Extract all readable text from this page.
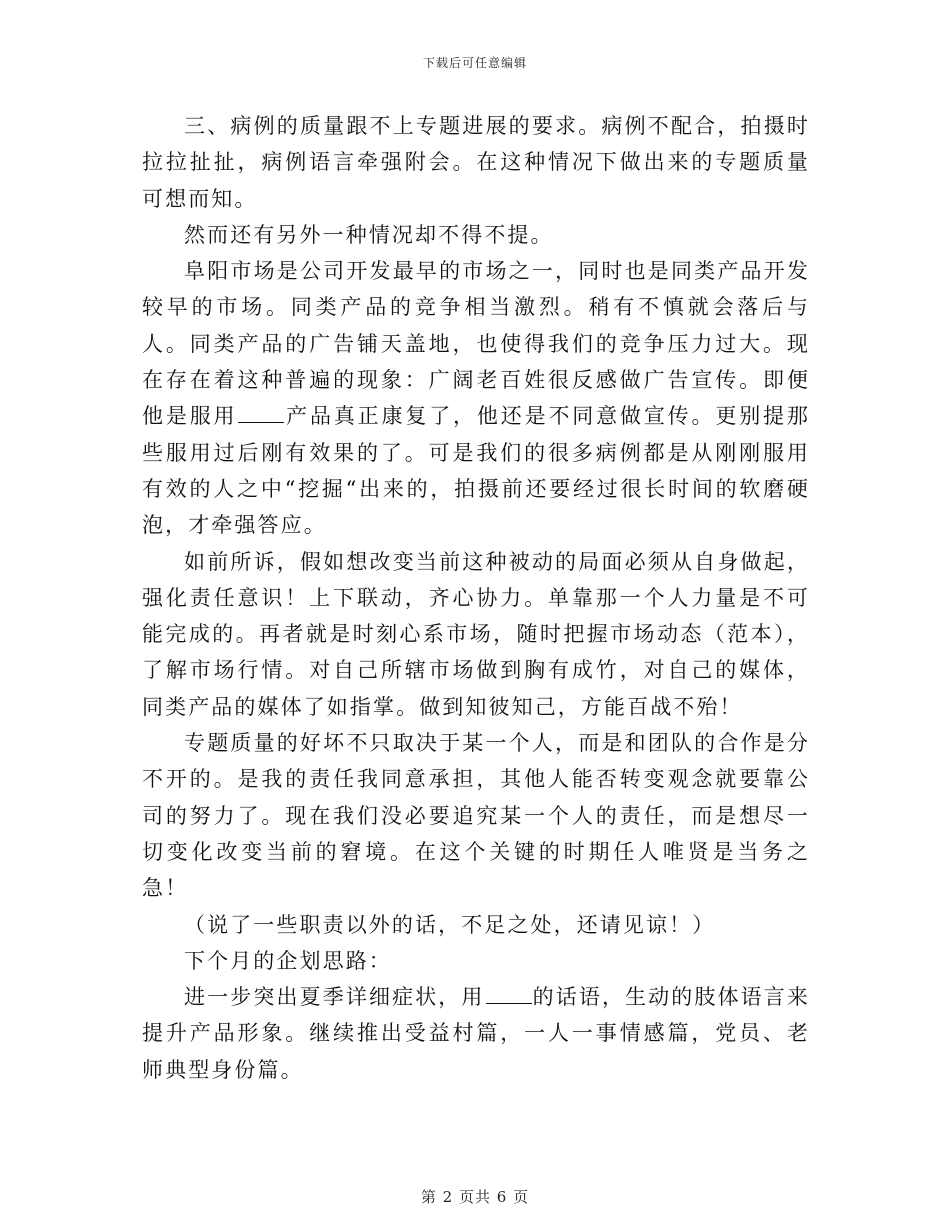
下载后可任意编辑

三、病例的质量跟不上专题进展的要求。病例不配合，拍摄时拉拉扯扯，病例语言牵强附会。在这种情况下做出来的专题质量可想而知。

然而还有另外一种情况却不得不提。

阜阳市场是公司开发最早的市场之一，同时也是同类产品开发较早的市场。同类产品的竞争相当激烈。稍有不慎就会落后与人。同类产品的广告铺天盖地，也使得我们的竞争压力过大。现在存在着这种普遍的现象：广阔老百姓很反感做广告宣传。即便他是服用 产品真正康复了，他还是不同意做宣传。更别提那些服用过后刚有效果的了。可是我们的很多病例都是从刚刚服用有效的人之中“挖掘“出来的，拍摄前还要经过很长时间的软磨硬泡，才牵强答应。

如前所诉，假如想改变当前这种被动的局面必须从自身做起，强化责任意识！上下联动，齐心协力。单靠那一个人力量是不可能完成的。再者就是时刻心系市场，随时把握市场动态（范本），了解市场行情。对自己所辖市场做到胸有成竹，对自己的媒体，同类产品的媒体了如指掌。做到知彼知己，方能百战不殆！

专题质量的好坏不只取决于某一个人，而是和团队的合作是分不开的。是我的责任我同意承担，其他人能否转变观念就要靠公司的努力了。现在我们没必要追究某一个人的责任，而是想尽一切变化改变当前的窘境。在这个关键的时期任人唯贤是当务之急！

（说了一些职责以外的话，不足之处，还请见谅！）

下个月的企划思路：

进一步突出夏季详细症状，用 的话语，生动的肢体语言来提升产品形象。继续推出受益村篇，一人一事情感篇，党员、老师典型身份篇。

第 2 页共 6 页
